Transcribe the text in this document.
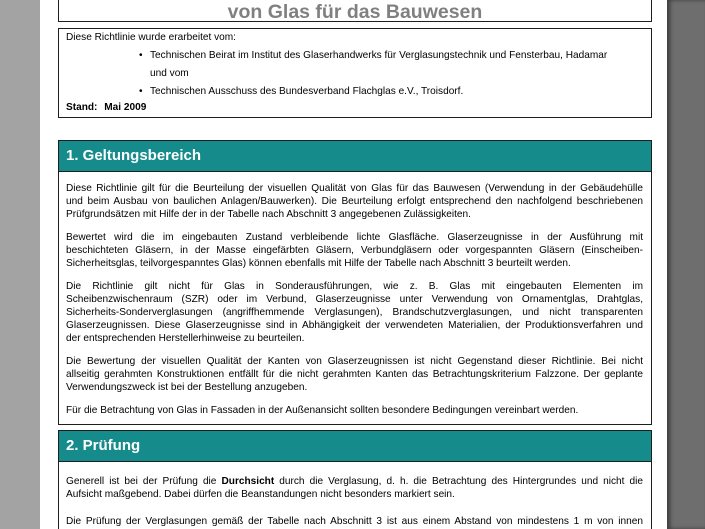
von Glas für das Bauwesen
Diese Richtlinie wurde erarbeitet vom:
• Technischen Beirat im Institut des Glaserhandwerks für Verglasungstechnik und Fensterbau, Hadamar
und vom
• Technischen Ausschuss des Bundesverband Flachglas e.V., Troisdorf.
Stand: Mai 2009
1. Geltungsbereich
Diese Richtlinie gilt für die Beurteilung der visuellen Qualität von Glas für das Bauwesen (Verwendung in der Gebäudehülle
und beim Ausbau von baulichen Anlagen/Bauwerken). Die Beurteilung erfolgt entsprechend den nachfolgend beschriebenen
Prüfgrundsätzen mit Hilfe der in der Tabelle nach Abschnitt 3 angegebenen Zulässigkeiten.
Bewertet wird die im eingebauten Zustand verbleibende lichte Glasfläche. Glaserzeugnisse in der Ausführung mit
beschichteten Gläsern, in der Masse eingefärbten Gläsern, Verbundgläsern oder vorgespannten Gläsern (Einscheiben-
Sicherheitsglas, teilvorgespanntes Glas) können ebenfalls mit Hilfe der Tabelle nach Abschnitt 3 beurteilt werden.
Die Richtlinie gilt nicht für Glas in Sonderausführungen, wie z. B. Glas mit eingebauten Elementen im
Scheibenzwischenraum (SZR) oder im Verbund, Glaserzeugnisse unter Verwendung von Ornamentglas, Drahtglas,
Sicherheits-Sonderverglasungen (angriffhemmende Verglasungen), Brandschutzverglasungen, und nicht transparenten
Glaserzeugnissen. Diese Glaserzeugnisse sind in Abhängigkeit der verwendeten Materialien, der Produktionsverfahren und
der entsprechenden Herstellerhinweise zu beurteilen.
Die Bewertung der visuellen Qualität der Kanten von Glaserzeugnissen ist nicht Gegenstand dieser Richtlinie. Bei nicht
allseitig gerahmten Konstruktionen entfällt für die nicht gerahmten Kanten das Betrachtungskriterium Falzzone. Der geplante
Verwendungszweck ist bei der Bestellung anzugeben.
Für die Betrachtung von Glas in Fassaden in der Außenansicht sollten besondere Bedingungen vereinbart werden.
2. Prüfung
Generell ist bei der Prüfung die Durchsicht durch die Verglasung, d. h. die Betrachtung des Hintergrundes und nicht die
Aufsicht maßgebend. Dabei dürfen die Beanstandungen nicht besonders markiert sein.
Die Prüfung der Verglasungen gemäß der Tabelle nach Abschnitt 3 ist aus einem Abstand von mindestens 1 m von innen
